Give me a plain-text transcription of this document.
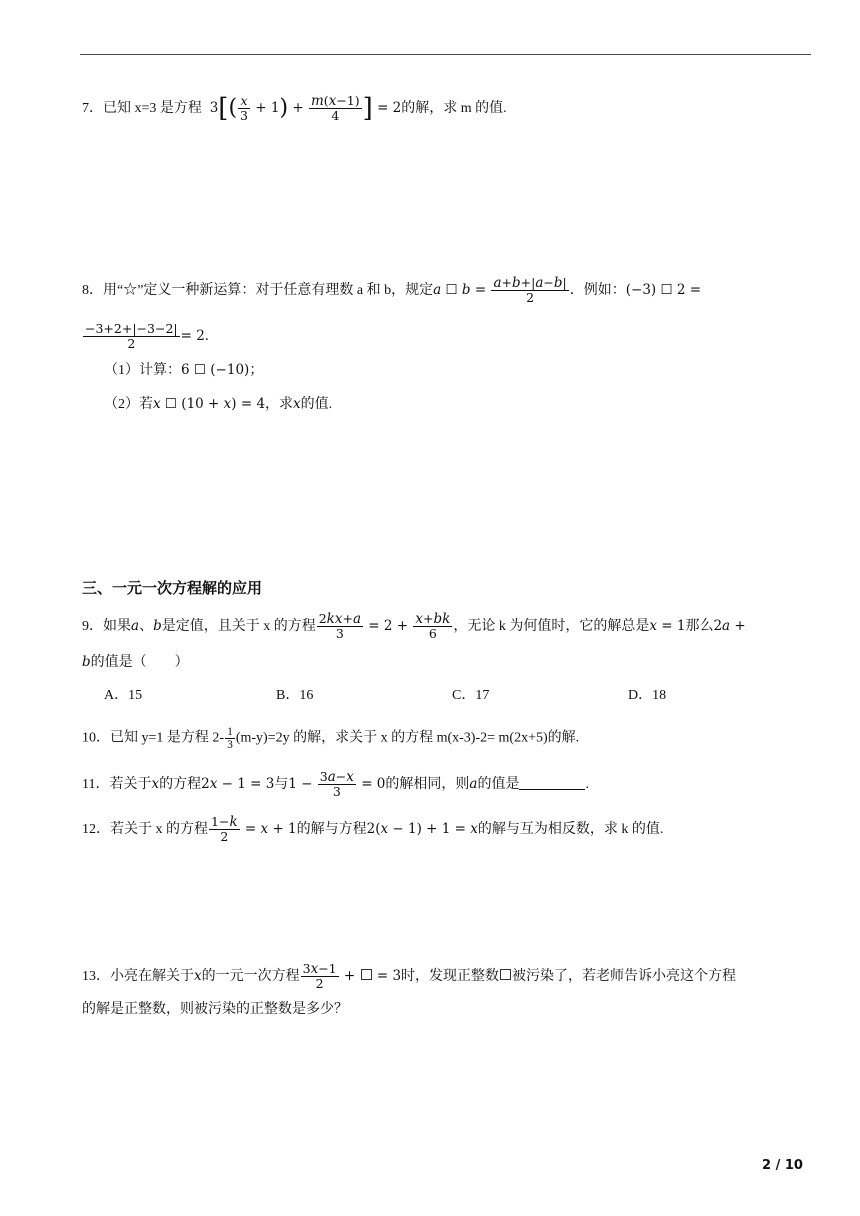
7．已知 x=3 是方程  $3[( \frac{x}{3} + 1) + \frac{m(x-1)}{4}$ ] = 2的解，求 m 的值.
8．用“☆”定义一种新运算：对于任意有理数 a 和 b，规定a ☐ $b = \frac{a+b+|a-b|}{2}$ ．例如：(−3) ☐ 2 =
$\frac{-3+2+|-3-2|}{2} = 2$．
（1）计算：6 ☐ (−10)；
（2）若x ☐ (10 + x) = 4，求x的值.
三、一元一次方程解的应用
9．如果a、b是定值，且关于 x 的方程 $\frac{2kx+a}{3} = 2 + \frac{x+bk}{6}$ ，无论 k 为何值时，它的解总是x = 1那么2a +
b的值是（　　）
A．15	B．16	C．17	D．18
10．已知 y=1 是方程 $2- \frac{1}{3} (m-y)=2y$ 的解，求关于 x 的方程 m(x-3)-2= m(2x+5)的解.
11．若关于x的方程2x − 1 = 3与$1 - \frac{3a-x}{3} = 0$的解相同，则a的值是	.
12．若关于 x 的方程 $\frac{1-k}{2} = x + 1$的解与方程2(x − 1) + 1 = x的解与互为相反数，求 k 的值.
13．小亮在解关于x的一元一次方程 $\frac{3x-1}{2}$ +  = 3时，发现正整数 被污染了，若老师告诉小亮这个方程
的解是正整数，则被污染的正整数是多少？
2 / 10
